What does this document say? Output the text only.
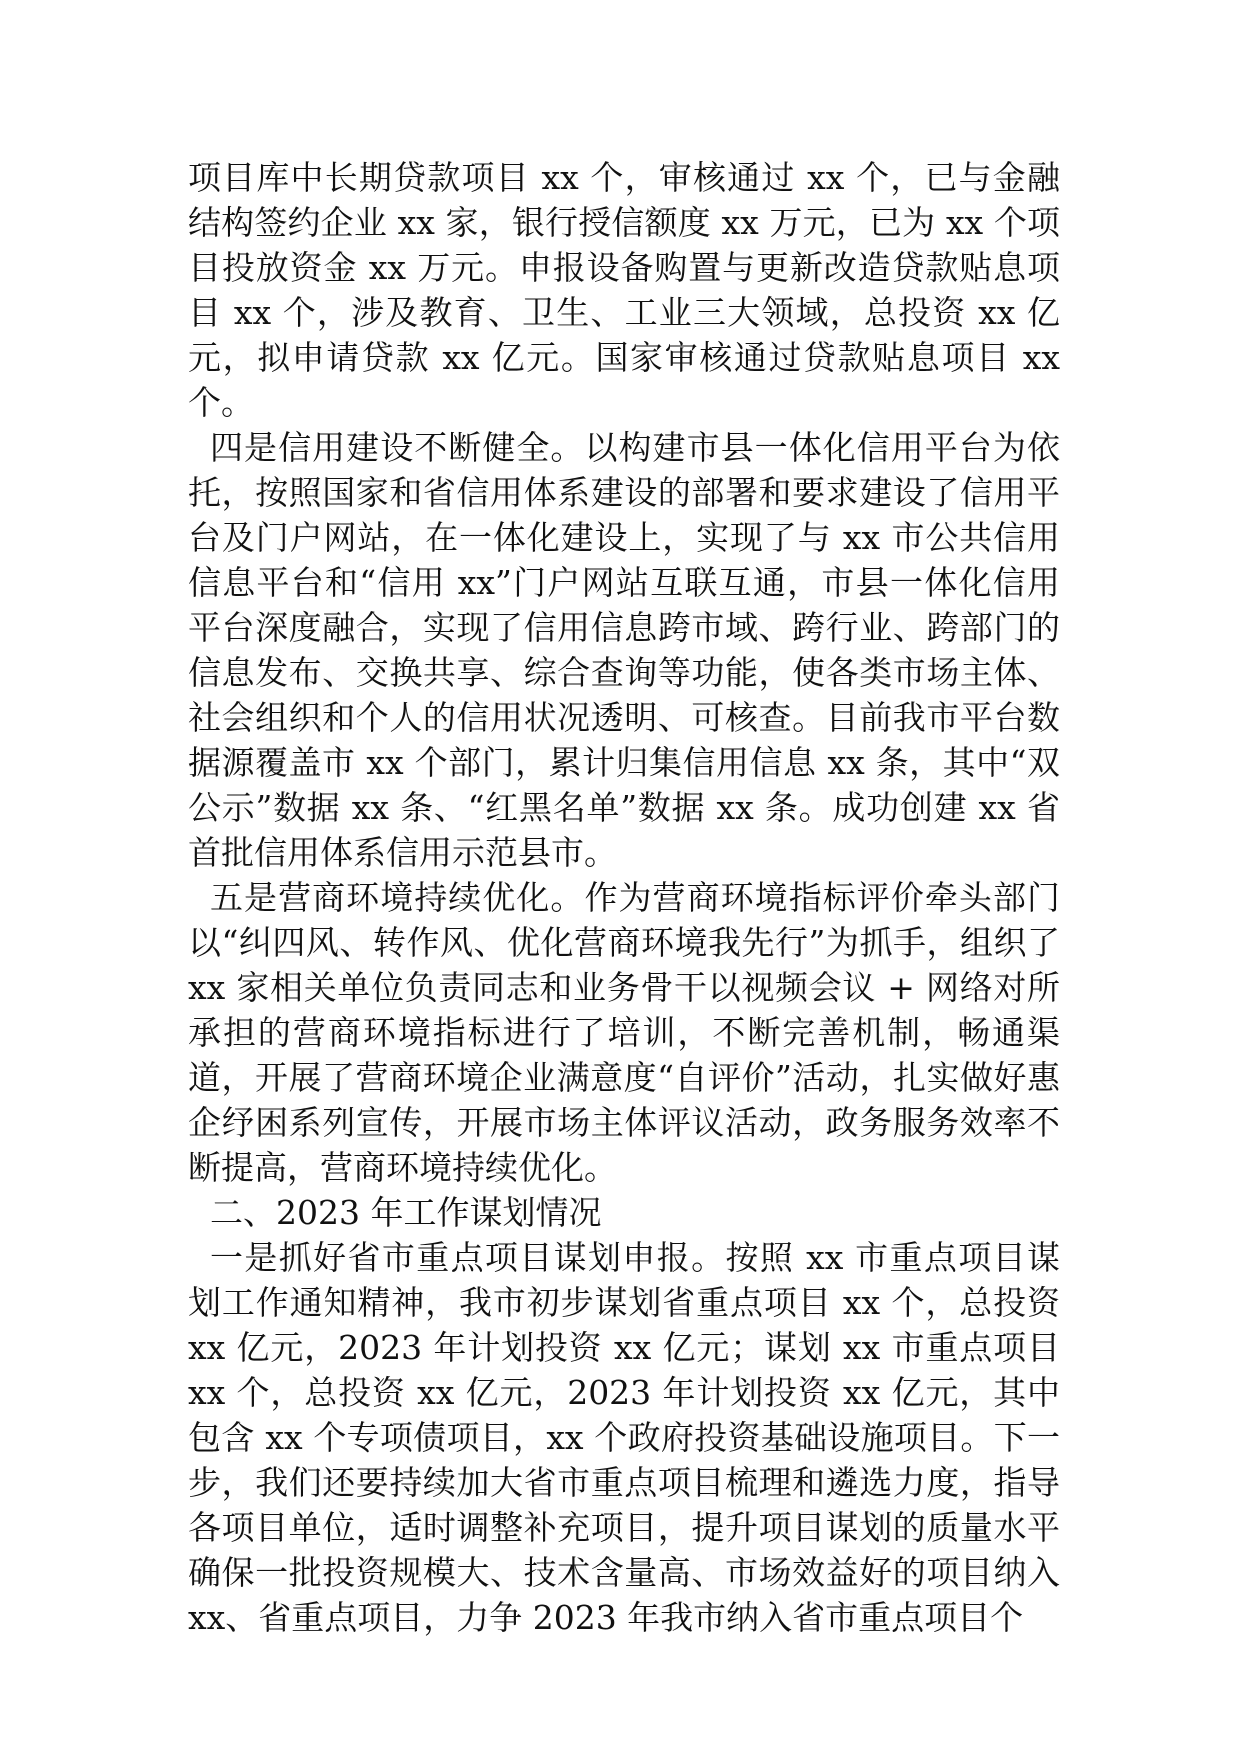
项目库中长期贷款项目 xx 个，审核通过 xx 个，已与金融结构签约企业 xx 家，银行授信额度 xx 万元，已为 xx 个项目投放资金 xx 万元。申报设备购置与更新改造贷款贴息项目 xx 个，涉及教育、卫生、工业三大领域，总投资 xx 亿元，拟申请贷款 xx 亿元。国家审核通过贷款贴息项目 xx 个。

四是信用建设不断健全。以构建市县一体化信用平台为依托，按照国家和省信用体系建设的部署和要求建设了信用平台及门户网站，在一体化建设上，实现了与 xx 市公共信用信息平台和“信用 xx”门户网站互联互通，市县一体化信用平台深度融合，实现了信用信息跨市域、跨行业、跨部门的信息发布、交换共享、综合查询等功能，使各类市场主体、社会组织和个人的信用状况透明、可核查。目前我市平台数据源覆盖市 xx 个部门，累计归集信用信息 xx 条，其中“双公示”数据 xx 条、“红黑名单”数据 xx 条。成功创建 xx 省首批信用体系信用示范县市。

五是营商环境持续优化。作为营商环境指标评价牵头部门以“纠四风、转作风、优化营商环境我先行”为抓手，组织了 xx 家相关单位负责同志和业务骨干以视频会议 + 网络对所承担的营商环境指标进行了培训，不断完善机制，畅通渠道，开展了营商环境企业满意度“自评价”活动，扎实做好惠企纾困系列宣传，开展市场主体评议活动，政务服务效率不断提高，营商环境持续优化。

二、2023 年工作谋划情况

一是抓好省市重点项目谋划申报。按照 xx 市重点项目谋划工作通知精神，我市初步谋划省重点项目 xx 个，总投资 xx 亿元，2023 年计划投资 xx 亿元；谋划 xx 市重点项目 xx 个，总投资 xx 亿元，2023 年计划投资 xx 亿元，其中包含 xx 个专项债项目，xx 个政府投资基础设施项目。下一步，我们还要持续加大省市重点项目梳理和遴选力度，指导各项目单位，适时调整补充项目，提升项目谋划的质量水平确保一批投资规模大、技术含量高、市场效益好的项目纳入 xx、省重点项目，力争 2023 年我市纳入省市重点项目个
